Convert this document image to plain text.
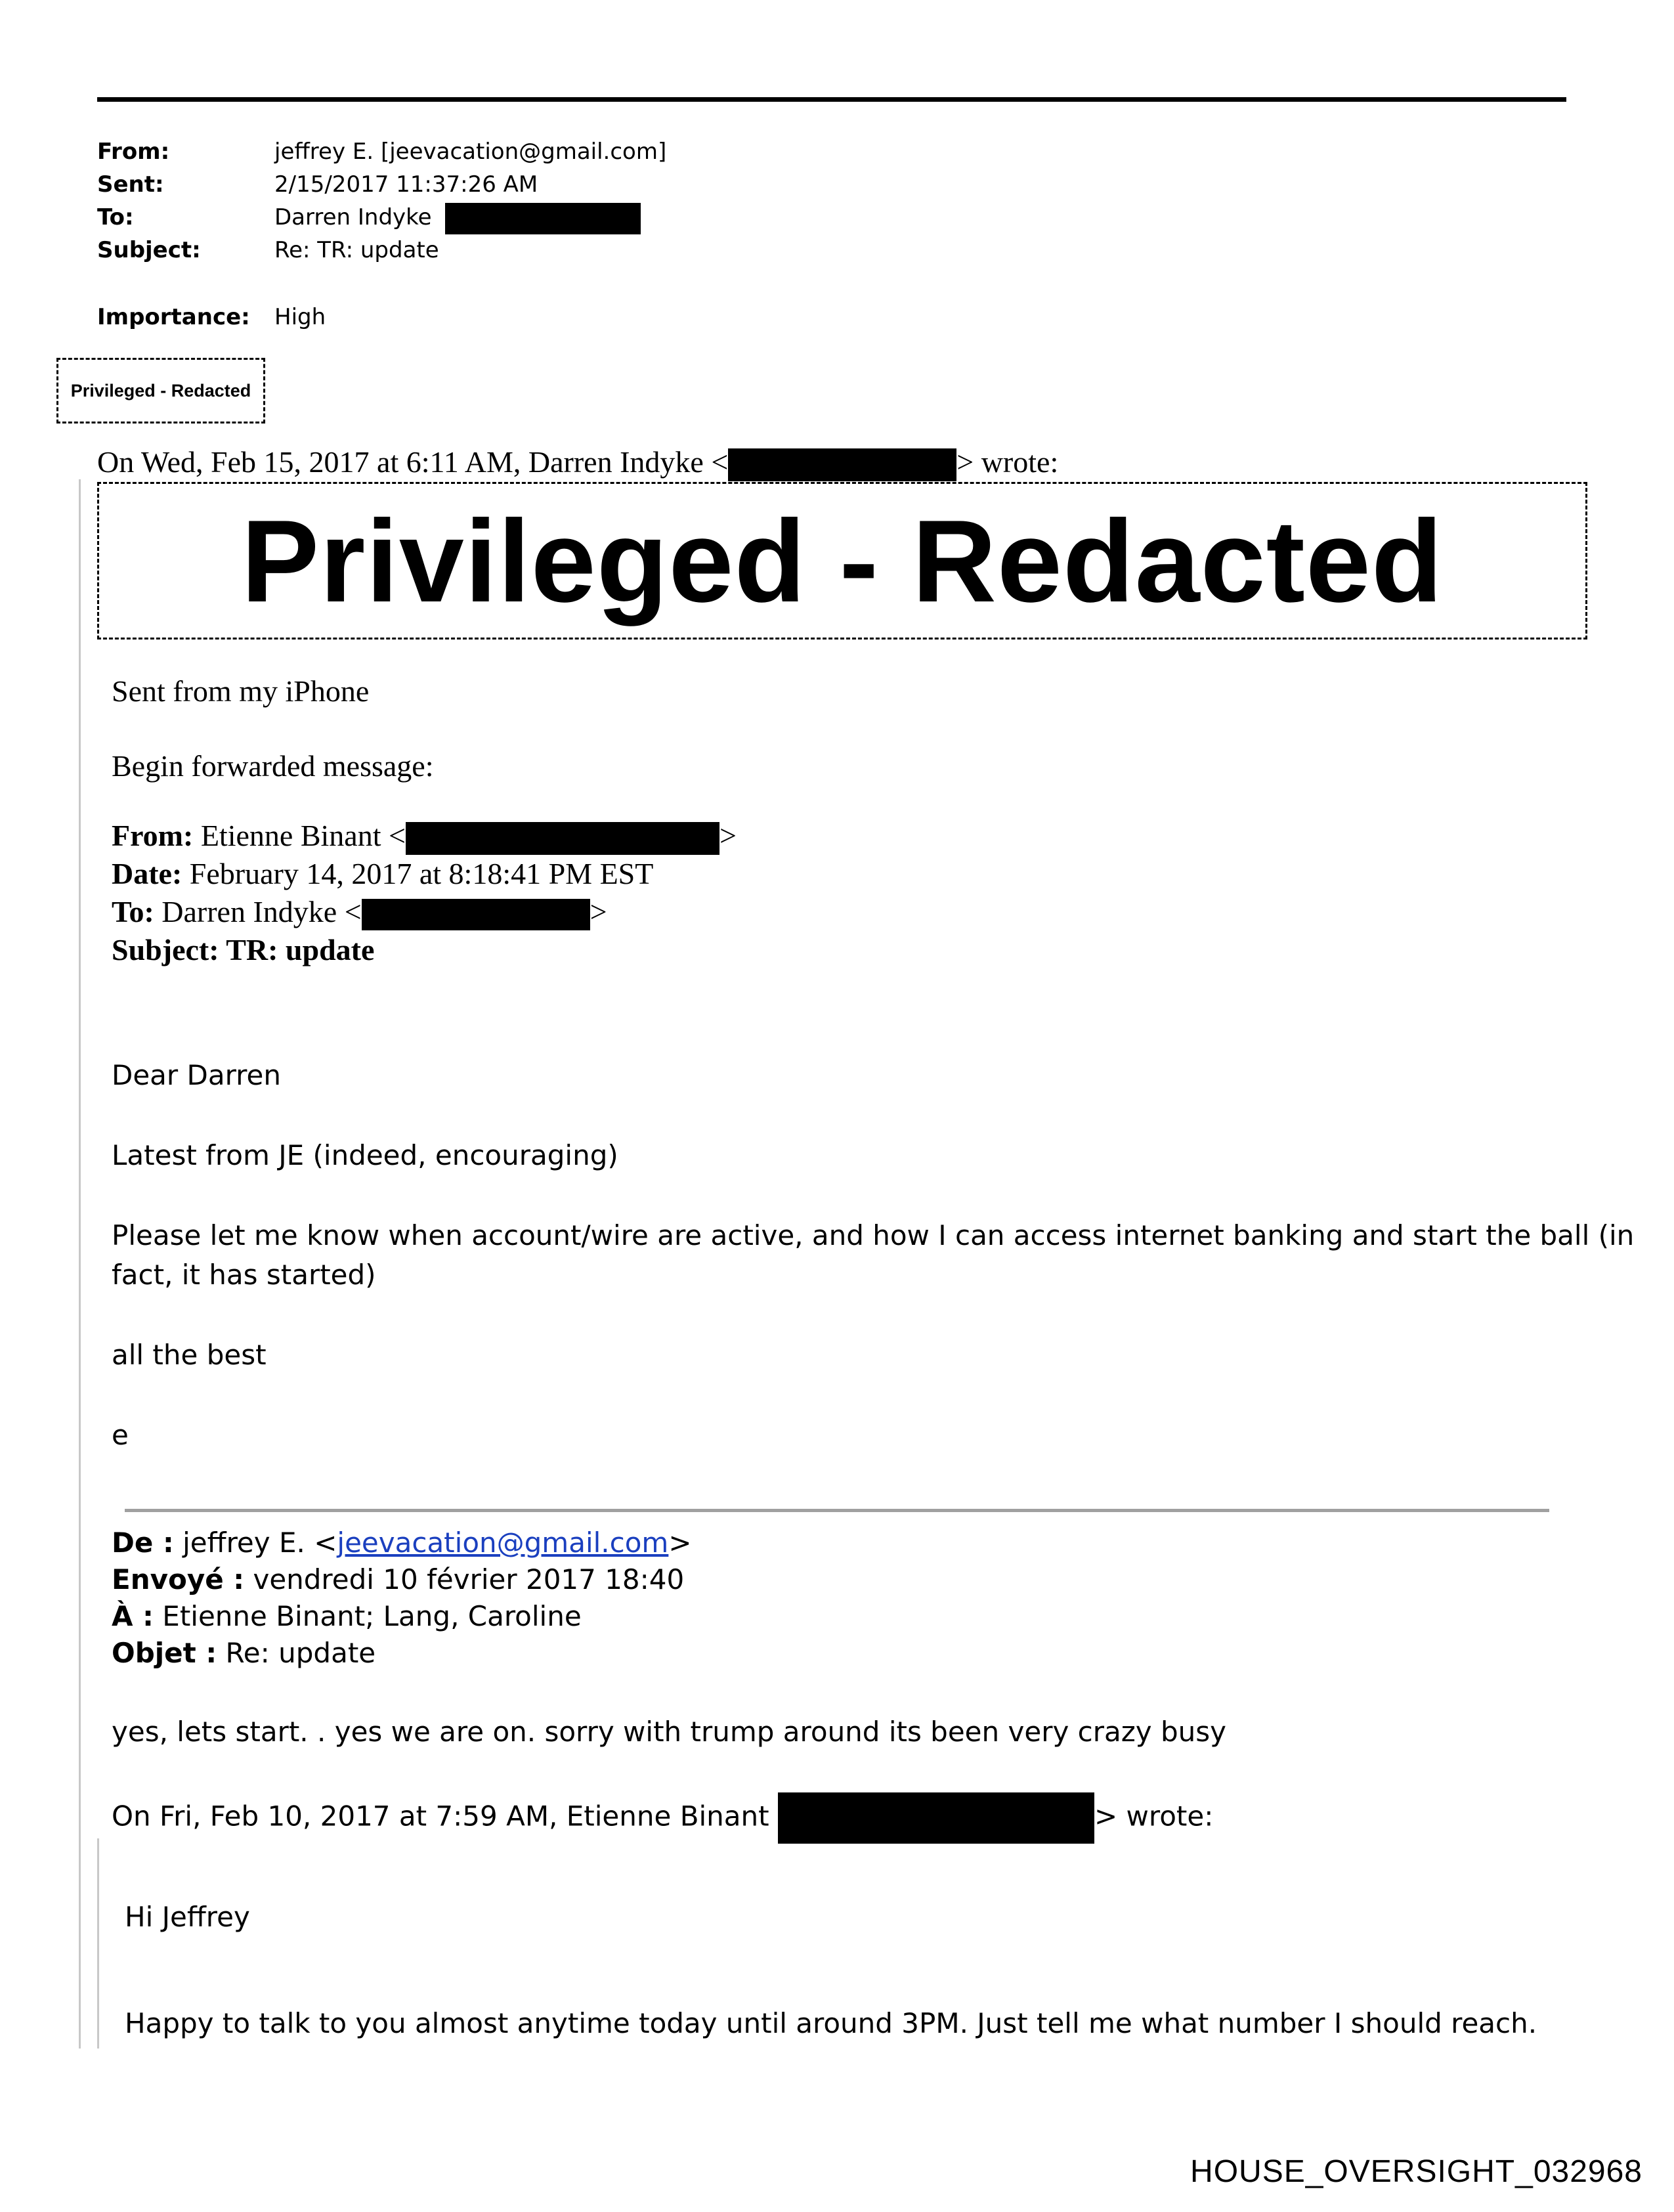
From:	jeffrey E. [jeevacation@gmail.com]
Sent:	2/15/2017 11:37:26 AM
To:	Darren Indyke
Subject:	Re: TR: update
Importance: High
Privileged - Redacted
On Wed, Feb 15, 2017 at 6:11 AM, Darren Indyke <	> wrote:
Privileged - Redacted
Sent from my iPhone
Begin forwarded message:
From: Etienne Binant <	>
Date: February 14, 2017 at 8:18:41 PM EST
To: Darren Indyke <	>
Subject: TR: update
Dear Darren
Latest from JE (indeed, encouraging)
Please let me know when account/wire are active, and how I can access internet banking and start the ball (in
fact, it has started)
all the best
e
De : jeffrey E. <jeevacation@gmail.com>
Envoyé : vendredi 10 février 2017 18:40
À : Etienne Binant; Lang, Caroline
Objet : Re: update
yes, lets start. . yes we are on. sorry with trump around its been very crazy busy
On Fri, Feb 10, 2017 at 7:59 AM, Etienne Binant	> wrote:
Hi Jeffrey
Happy to talk to you almost anytime today until around 3PM. Just tell me what number I should reach.
HOUSE_OVERSIGHT_032968
